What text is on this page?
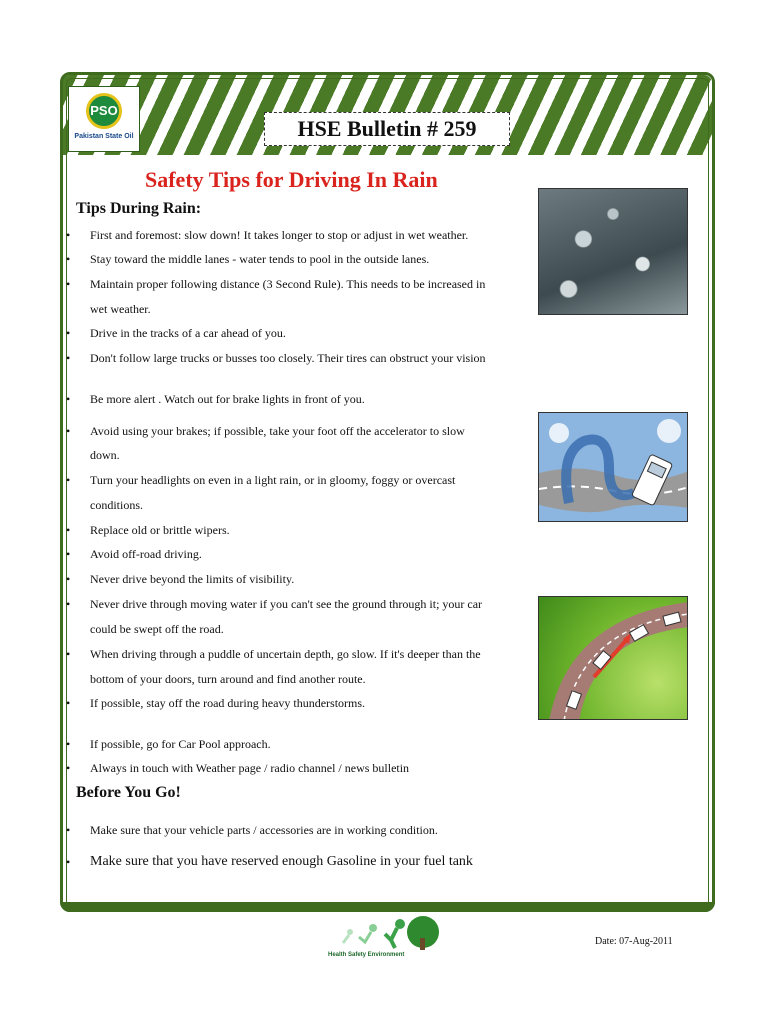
PSO
Pakistan State Oil	HSE Bulletin # 259
Safety Tips for Driving In Rain
Tips During Rain:
•	First and foremost: slow down! It takes longer to stop or adjust in wet weather.
•	Stay toward the middle lanes - water tends to pool in the outside lanes.
•	Maintain proper following distance (3 Second Rule). This needs to be increased in
wet weather.
•	Drive in the tracks of a car ahead of you.
•	Don't follow large trucks or busses too closely. Their tires can obstruct your vision
•	Be more alert . Watch out for brake lights in front of you.
•	Avoid using your brakes; if possible, take your foot off the accelerator to slow
down.
•	Turn your headlights on even in a light rain, or in gloomy, foggy or overcast
conditions.
•	Replace old or brittle wipers.
•	Avoid off-road driving.
•	Never drive beyond the limits of visibility.
•	Never drive through moving water if you can't see the ground through it; your car
could be swept off the road.
•	When driving through a puddle of uncertain depth, go slow. If it's deeper than the
bottom of your doors, turn around and find another route.
•	If possible, stay off the road during heavy thunderstorms.
•	If possible, go for Car Pool approach.
•	Always in touch with Weather page / radio channel / news bulletin
Before You Go!
•	Make sure that your vehicle parts / accessories are in working condition.
•	Make sure that you have reserved enough Gasoline in your fuel tank
Health Safety Environment
Date: 07-Aug-2011
